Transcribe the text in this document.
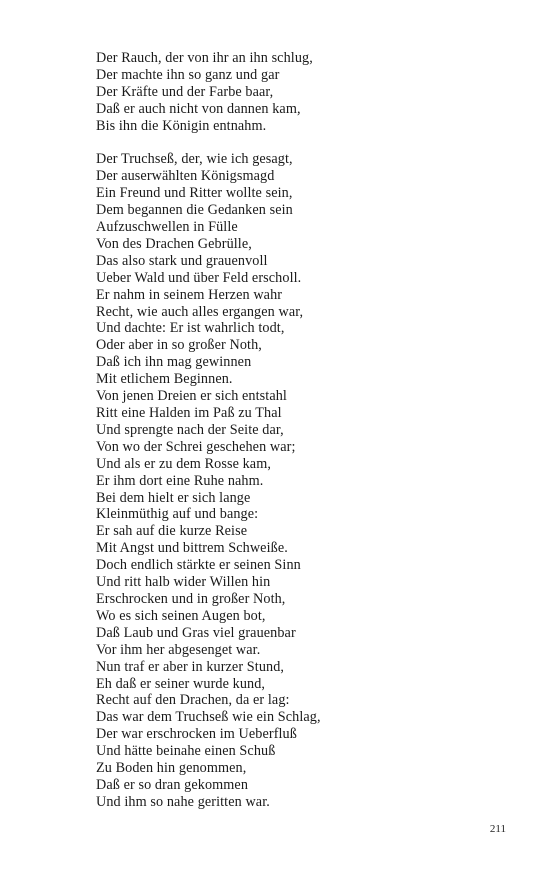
Der Rauch, der von ihr an ihn schlug,
Der machte ihn so ganz und gar
Der Kräfte und der Farbe baar,
Daß er auch nicht von dannen kam,
Bis ihn die Königin entnahm.
Der Truchseß, der, wie ich gesagt,
Der auserwählten Königsmagd
Ein Freund und Ritter wollte sein,
Dem begannen die Gedanken sein
Aufzuschwellen in Fülle
Von des Drachen Gebrülle,
Das also stark und grauenvoll
Ueber Wald und über Feld erscholl.
Er nahm in seinem Herzen wahr
Recht, wie auch alles ergangen war,
Und dachte: Er ist wahrlich todt,
Oder aber in so großer Noth,
Daß ich ihn mag gewinnen
Mit etlichem Beginnen.
Von jenen Dreien er sich entstahl
Ritt eine Halden im Paß zu Thal
Und sprengte nach der Seite dar,
Von wo der Schrei geschehen war;
Und als er zu dem Rosse kam,
Er ihm dort eine Ruhe nahm.
Bei dem hielt er sich lange
Kleinmüthig auf und bange:
Er sah auf die kurze Reise
Mit Angst und bittrem Schweiße.
Doch endlich stärkte er seinen Sinn
Und ritt halb wider Willen hin
Erschrocken und in großer Noth,
Wo es sich seinen Augen bot,
Daß Laub und Gras viel grauenbar
Vor ihm her abgesenget war.
Nun traf er aber in kurzer Stund,
Eh daß er seiner wurde kund,
Recht auf den Drachen, da er lag:
Das war dem Truchseß wie ein Schlag,
Der war erschrocken im Ueberfluß
Und hätte beinahe einen Schuß
Zu Boden hin genommen,
Daß er so dran gekommen
Und ihm so nahe geritten war.
211
